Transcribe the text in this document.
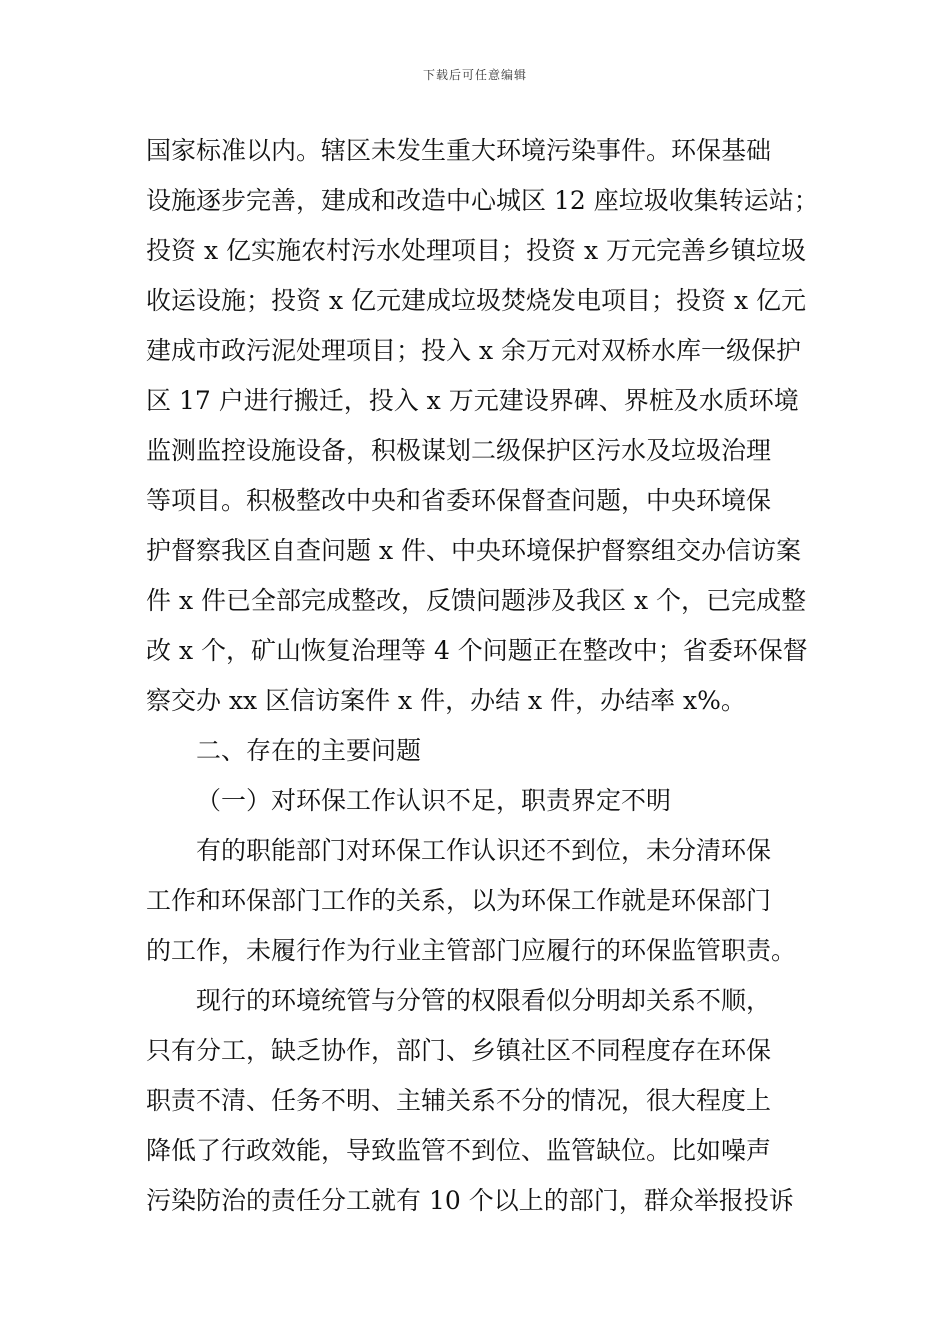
下载后可任意编辑
国家标准以内。辖区未发生重大环境污染事件。环保基础
设施逐步完善，建成和改造中心城区 12 座垃圾收集转运站；
投资 x 亿实施农村污水处理项目；投资 x 万元完善乡镇垃圾
收运设施；投资 x 亿元建成垃圾焚烧发电项目；投资 x 亿元
建成市政污泥处理项目；投入 x 余万元对双桥水库一级保护
区 17 户进行搬迁，投入 x 万元建设界碑、界桩及水质环境
监测监控设施设备，积极谋划二级保护区污水及垃圾治理
等项目。积极整改中央和省委环保督查问题，中央环境保
护督察我区自查问题 x 件、中央环境保护督察组交办信访案
件 x 件已全部完成整改，反馈问题涉及我区 x 个，已完成整
改 x 个，矿山恢复治理等 4 个问题正在整改中；省委环保督
察交办 xx 区信访案件 x 件，办结 x 件，办结率 x%。
二、存在的主要问题
（一）对环保工作认识不足，职责界定不明
有的职能部门对环保工作认识还不到位，未分清环保
工作和环保部门工作的关系，以为环保工作就是环保部门
的工作，未履行作为行业主管部门应履行的环保监管职责。
现行的环境统管与分管的权限看似分明却关系不顺，
只有分工，缺乏协作，部门、乡镇社区不同程度存在环保
职责不清、任务不明、主辅关系不分的情况，很大程度上
降低了行政效能，导致监管不到位、监管缺位。比如噪声
污染防治的责任分工就有 10 个以上的部门，群众举报投诉
